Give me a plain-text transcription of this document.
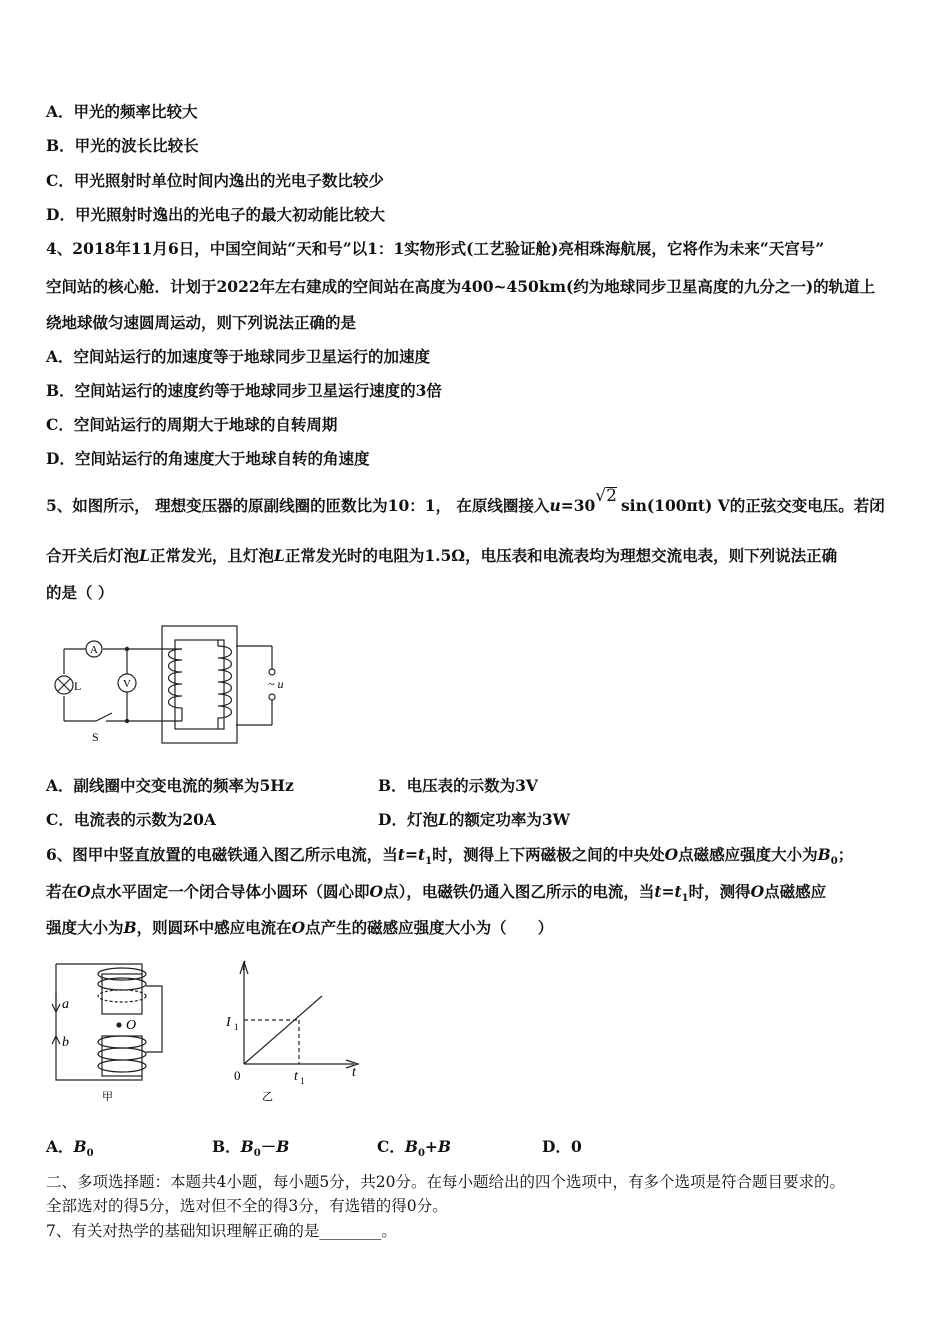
A．甲光的频率比较大
B．甲光的波长比较长
C．甲光照射时单位时间内逸出的光电子数比较少
D．甲光照射时逸出的光电子的最大初动能比较大
4、2018年11月6日，中国空间站“天和号”以1：1实物形式(工艺验证舱)亮相珠海航展，它将作为未来“天宫号”
空间站的核心舱．计划于2022年左右建成的空间站在高度为400~450km(约为地球同步卫星高度的九分之一)的轨道上
绕地球做匀速圆周运动，则下列说法正确的是
A．空间站运行的加速度等于地球同步卫星运行的加速度
B．空间站运行的速度约等于地球同步卫星运行速度的3倍
C．空间站运行的周期大于地球的自转周期
D．空间站运行的角速度大于地球自转的角速度
5、如图所示， 理想变压器的原副线圈的匝数比为10：1， 在原线圈接入u=30√2 sin(100πt) V的正弦交变电压。若闭
合开关后灯泡L正常发光，且灯泡L正常发光时的电阻为1.5Ω，电压表和电流表均为理想交流电表，则下列说法正确
的是（ ）
A
V
L
S
~ u
A．副线圈中交变电流的频率为5Hz	B．电压表的示数为3V
C．电流表的示数为20A	D．灯泡L的额定功率为3W
6、图甲中竖直放置的电磁铁通入图乙所示电流，当$t=t_1$时，测得上下两磁极之间的中央处O点磁感应强度大小为$B_0$；
若在O点水平固定一个闭合导体小圆环（圆心即O点），电磁铁仍通入图乙所示的电流，当$t=t_1$时，测得O点磁感应
强度大小为B，则圆环中感应电流在O点产生的磁感应强度大小为（　　）
a
b
O
甲
i
I 1
t
t 1
0
乙
A．$B_0$	B．$B_0-B$	C．$B_0+B$	D．0
二、多项选择题：本题共4小题，每小题5分，共20分。在每小题给出的四个选项中，有多个选项是符合题目要求的。
全部选对的得5分，选对但不全的得3分，有选错的得0分。
7、有关对热学的基础知识理解正确的是________。
